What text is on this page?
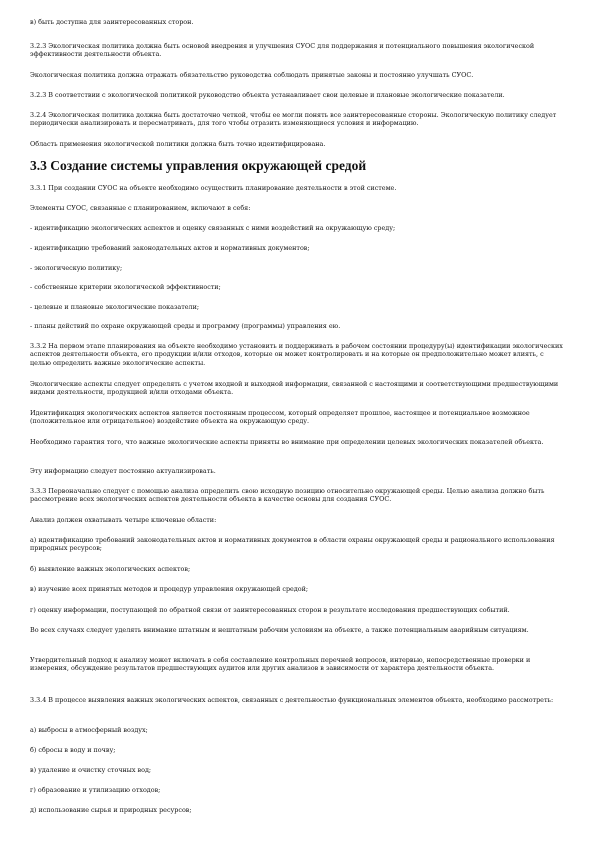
в) быть доступна для заинтересованных сторон.

3.2.3 Экологическая политика должна быть основой внедрения и улучшения СУОС для поддержания и потенциального повышения экологической эффективности деятельности объекта.

Экологическая политика должна отражать обязательство руководства соблюдать принятые законы и постоянно улучшать СУОС.

3.2.3 В соответствии с экологической политикой руководство объекта устанавливает свои целевые и плановые экологические показатели.

3.2.4 Экологическая политика должна быть достаточно четкой, чтобы ее могли понять все заинтересованные стороны. Экологическую политику следует периодически анализировать и пересматривать, для того чтобы отразить изменяющиеся условия и информацию.

Область применения экологической политики должна быть точно идентифицирована.

3.3 Создание системы управления окружающей средой

3.3.1 При создании СУОС на объекте необходимо осуществить планирование деятельности в этой системе.

Элементы СУОС, связанные с планированием, включают в себя:

- идентификацию экологических аспектов и оценку связанных с ними воздействий на окружающую среду;

- идентификацию требований законодательных актов и нормативных документов;

- экологическую политику;

- собственные критерии экологической эффективности;

- целевые и плановые экологические показатели;

- планы действий по охране окружающей среды и программу (программы) управления ею.

3.3.2 На первом этапе планирования на объекте необходимо установить и поддерживать в рабочем состоянии процедуру(ы) идентификации экологических аспектов деятельности объекта, его продукции и/или отходов, которые он может контролировать и на которые он предположительно может влиять, с целью определить важные экологические аспекты.

Экологические аспекты следует определять с учетом входной и выходной информации, связанной с настоящими и соответствующими предшествующими видами деятельности, продукцией и/или отходами объекта.

Идентификация экологических аспектов является постоянным процессом, который определяет прошлое, настоящее и потенциальное возможное (положительное или отрицательное) воздействие объекта на окружающую среду.

Необходимо гарантия того, что важные экологические аспекты приняты во внимание при определении целевых экологических показателей объекта.

Эту информацию следует постоянно актуализировать.

3.3.3 Первоначально следует с помощью анализа определить свою исходную позицию относительно окружающей среды. Целью анализа должно быть рассмотрение всех экологических аспектов деятельности объекта в качестве основы для создания СУОС.

Анализ должен охватывать четыре ключевые области:

а) идентификацию требований законодательных актов и нормативных документов в области охраны окружающей среды и рационального использования природных ресурсов;

б) выявление важных экологических аспектов;

в) изучение всех принятых методов и процедур управления окружающей средой;

г) оценку информации, поступающей по обратной связи от заинтересованных сторон в результате исследования предшествующих событий.

Во всех случаях следует уделять внимание штатным и нештатным рабочим условиям на объекте, а также потенциальным аварийным ситуациям.

Утвердительный подход к анализу может включать в себя составление контрольных перечней вопросов, интервью, непосредственные проверки и измерения, обсуждение результатов предшествующих аудитов или других анализов в зависимости от характера деятельности объекта.

3.3.4 В процессе выявления важных экологических аспектов, связанных с деятельностью функциональных элементов объекта, необходимо рассмотреть:

а) выбросы в атмосферный воздух;

б) сбросы в воду и почву;

в) удаление и очистку сточных вод;

г) образование и утилизацию отходов;

д) использование сырья и природных ресурсов;
